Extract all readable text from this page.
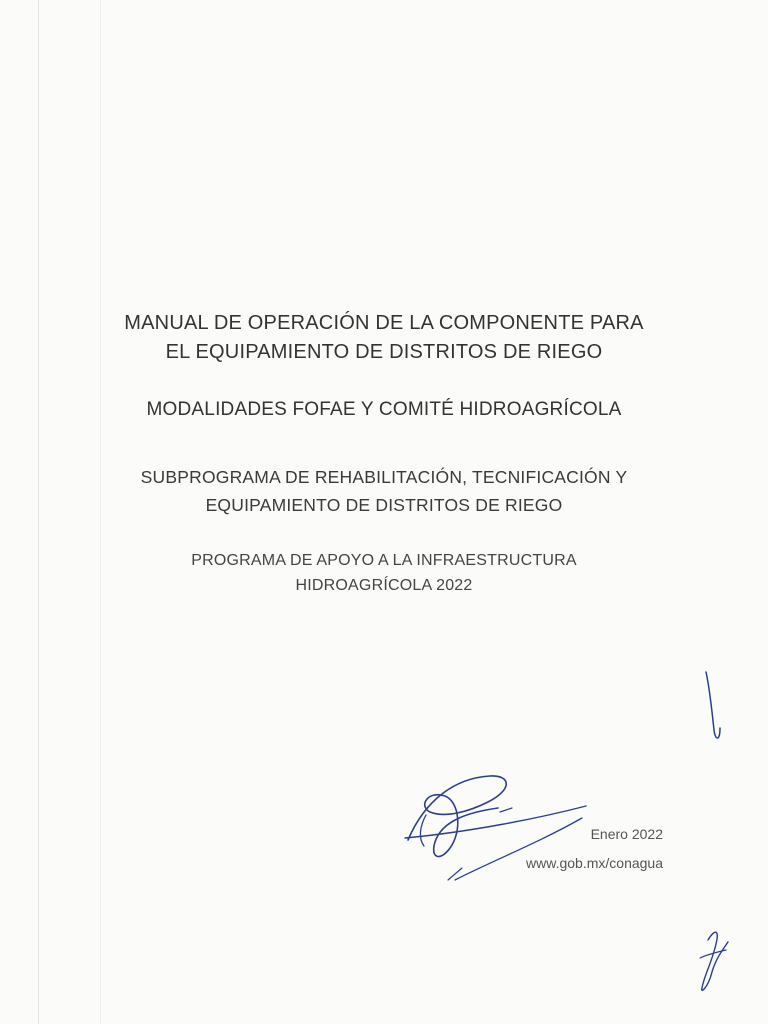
MANUAL DE OPERACIÓN DE LA COMPONENTE PARA
EL EQUIPAMIENTO DE DISTRITOS DE RIEGO
MODALIDADES FOFAE Y COMITÉ HIDROAGRÍCOLA
SUBPROGRAMA DE REHABILITACIÓN, TECNIFICACIÓN Y
EQUIPAMIENTO DE DISTRITOS DE RIEGO
PROGRAMA DE APOYO A LA INFRAESTRUCTURA
HIDROAGRÍCOLA 2022
Enero 2022
www.gob.mx/conagua
